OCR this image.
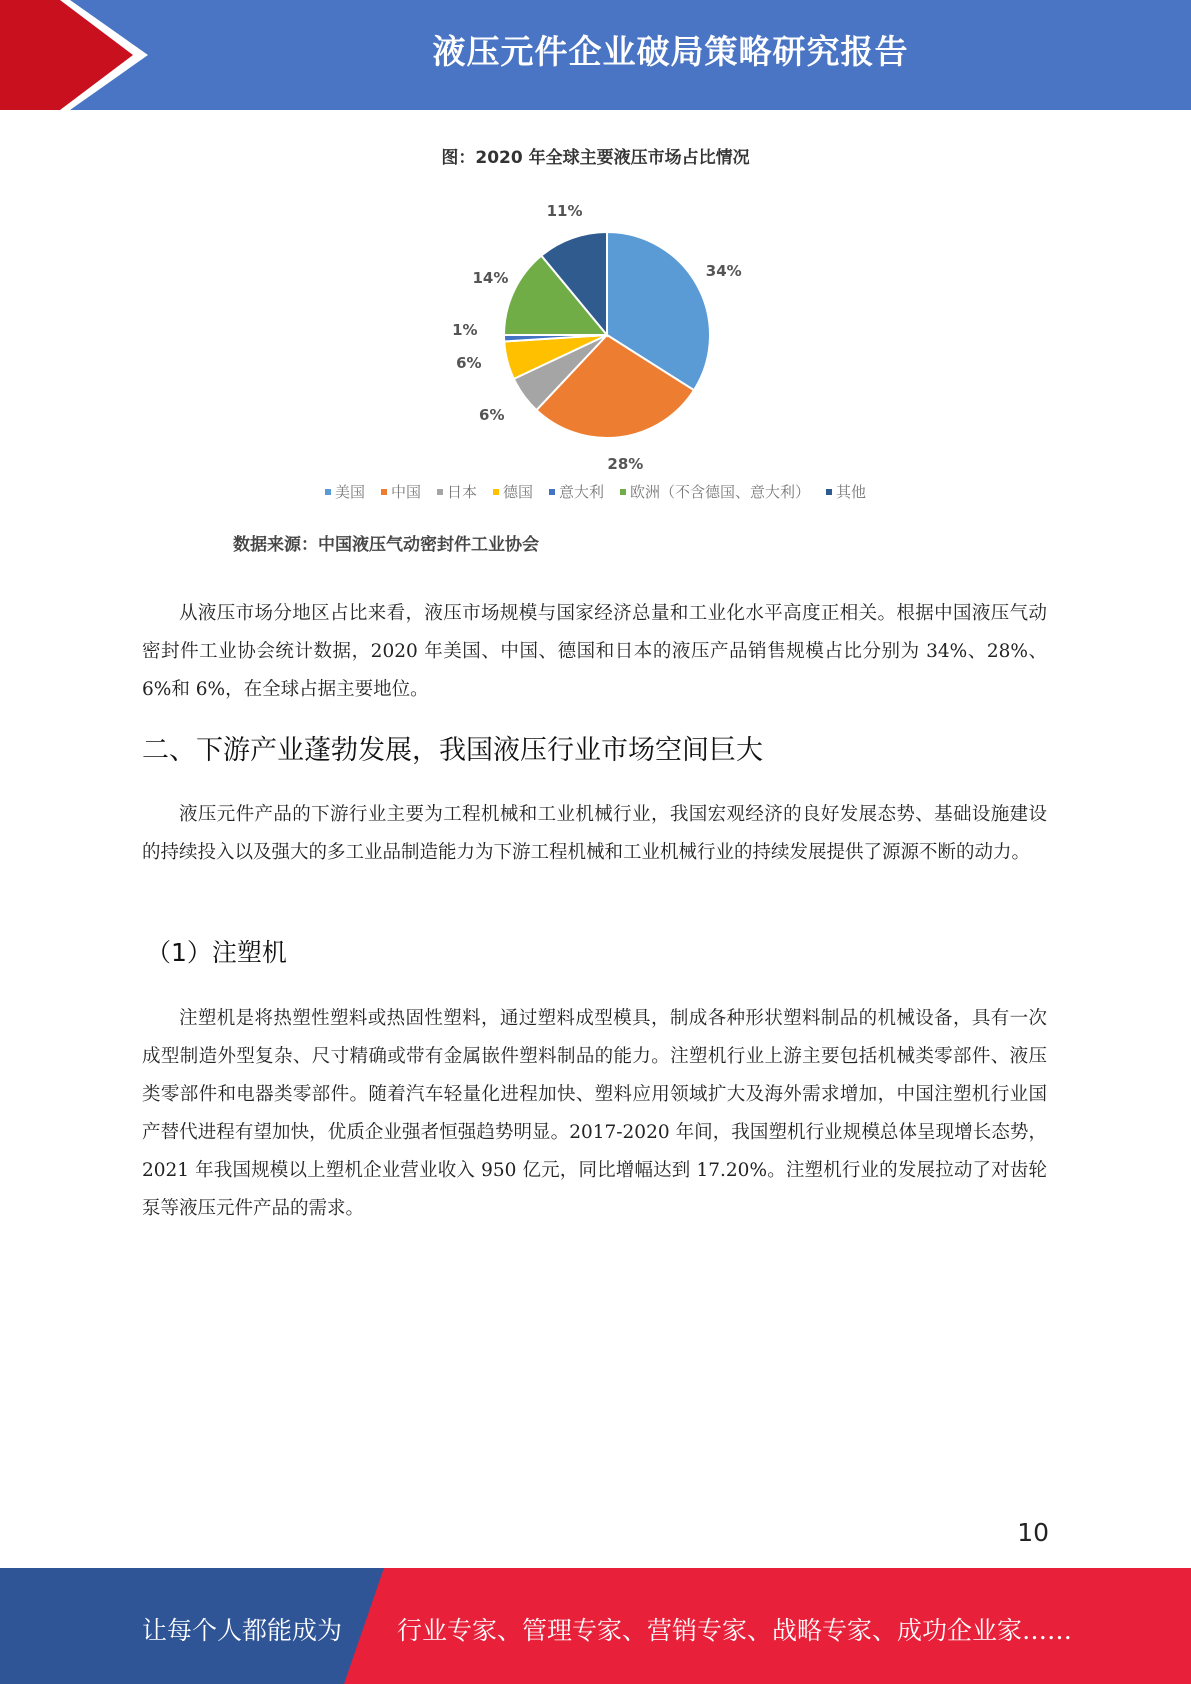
液压元件企业破局策略研究报告
图：2020 年全球主要液压市场占比情况
34%
28%
6%
6%
1%
14%
11%
美国 中国 日本 德国 意大利 欧洲（不含德国、意大利） 其他
数据来源：中国液压气动密封件工业协会
从液压市场分地区占比来看，液压市场规模与国家经济总量和工业化水平高度正相关。根据中国液压气动密封件工业协会统计数据，2020 年美国、中国、德国和日本的液压产品销售规模占比分别为 34%、28%、6%和 6%，在全球占据主要地位。
二、下游产业蓬勃发展，我国液压行业市场空间巨大
液压元件产品的下游行业主要为工程机械和工业机械行业，我国宏观经济的良好发展态势、基础设施建设的持续投入以及强大的多工业品制造能力为下游工程机械和工业机械行业的持续发展提供了源源不断的动力。
（1）注塑机
注塑机是将热塑性塑料或热固性塑料，通过塑料成型模具，制成各种形状塑料制品的机械设备，具有一次成型制造外型复杂、尺寸精确或带有金属嵌件塑料制品的能力。注塑机行业上游主要包括机械类零部件、液压类零部件和电器类零部件。随着汽车轻量化进程加快、塑料应用领域扩大及海外需求增加，中国注塑机行业国产替代进程有望加快，优质企业强者恒强趋势明显。2017-2020 年间，我国塑机行业规模总体呈现增长态势，2021 年我国规模以上塑机企业营业收入 950 亿元，同比增幅达到 17.20%。注塑机行业的发展拉动了对齿轮泵等液压元件产品的需求。
10
让每个人都能成为 行业专家、管理专家、营销专家、战略专家、成功企业家……
